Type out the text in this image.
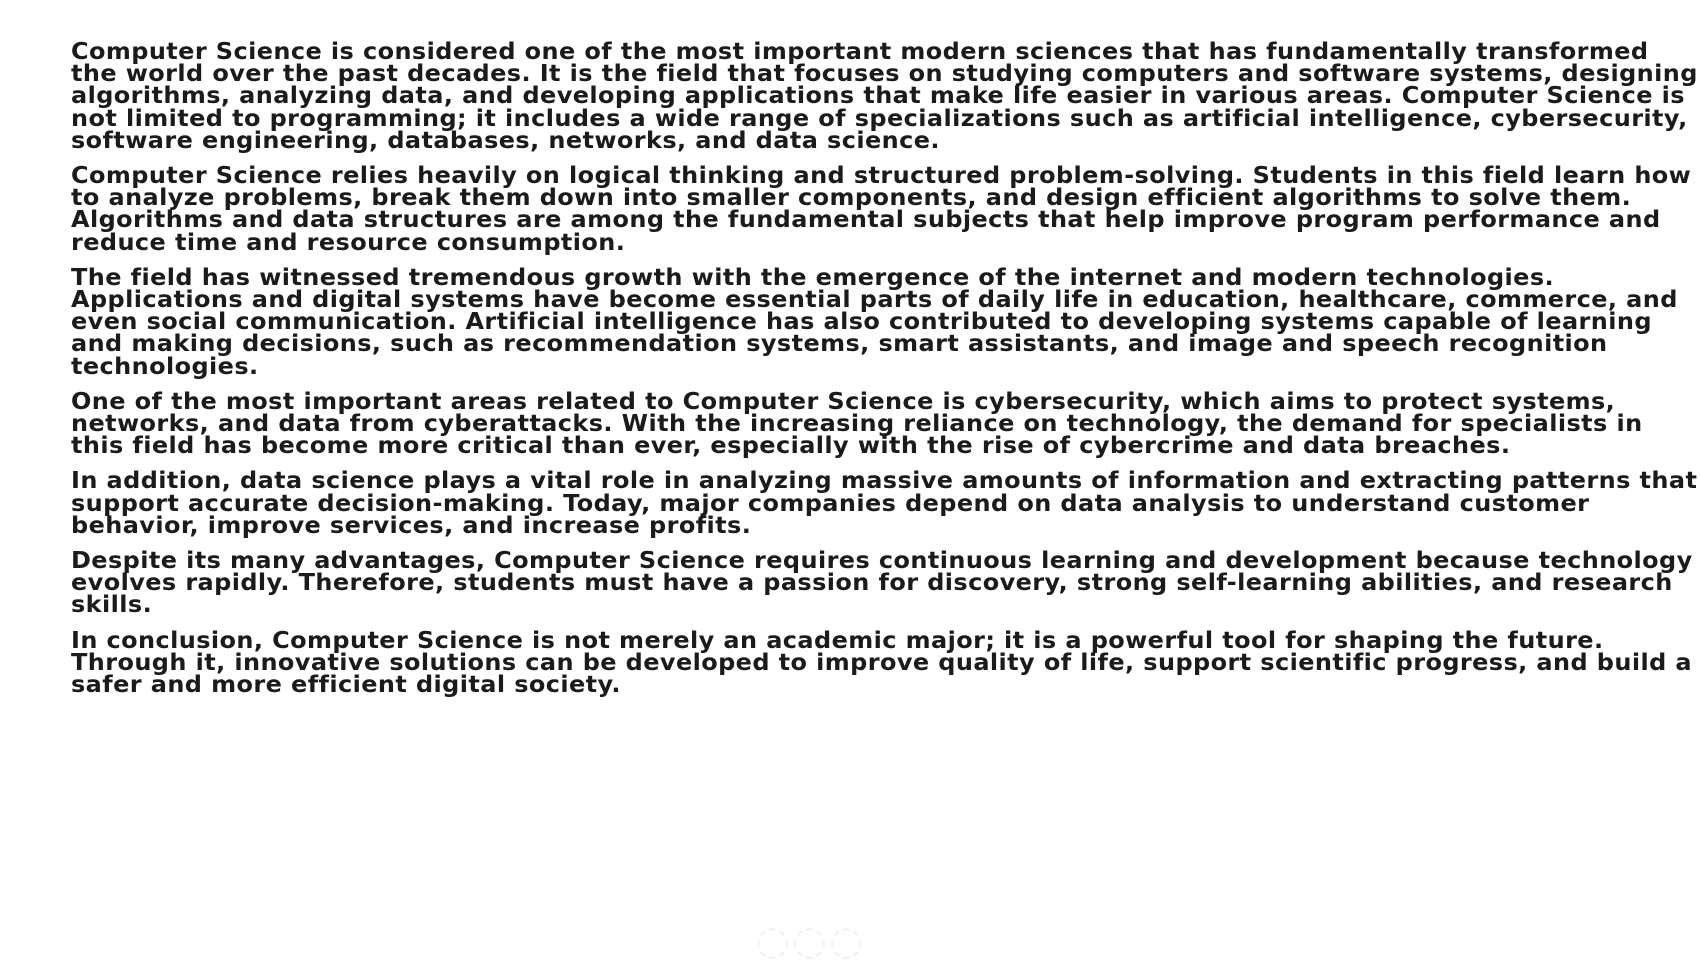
Computer Science is considered one of the most important modern sciences that has fundamentally transformed the world over the past decades. It is the field that focuses on studying computers and software systems, designing algorithms, analyzing data, and developing applications that make life easier in various areas. Computer Science is not limited to programming; it includes a wide range of specializations such as artificial intelligence, cybersecurity, software engineering, databases, networks, and data science.

Computer Science relies heavily on logical thinking and structured problem-solving. Students in this field learn how to analyze problems, break them down into smaller components, and design efficient algorithms to solve them. Algorithms and data structures are among the fundamental subjects that help improve program performance and reduce time and resource consumption.

The field has witnessed tremendous growth with the emergence of the internet and modern technologies. Applications and digital systems have become essential parts of daily life in education, healthcare, commerce, and even social communication. Artificial intelligence has also contributed to developing systems capable of learning and making decisions, such as recommendation systems, smart assistants, and image and speech recognition technologies.

One of the most important areas related to Computer Science is cybersecurity, which aims to protect systems, networks, and data from cyberattacks. With the increasing reliance on technology, the demand for specialists in this field has become more critical than ever, especially with the rise of cybercrime and data breaches.

In addition, data science plays a vital role in analyzing massive amounts of information and extracting patterns that support accurate decision-making. Today, major companies depend on data analysis to understand customer behavior, improve services, and increase profits.

Despite its many advantages, Computer Science requires continuous learning and development because technology evolves rapidly. Therefore, students must have a passion for discovery, strong self-learning abilities, and research skills.

In conclusion, Computer Science is not merely an academic major; it is a powerful tool for shaping the future. Through it, innovative solutions can be developed to improve quality of life, support scientific progress, and build a safer and more efficient digital society.

◌◌◌
